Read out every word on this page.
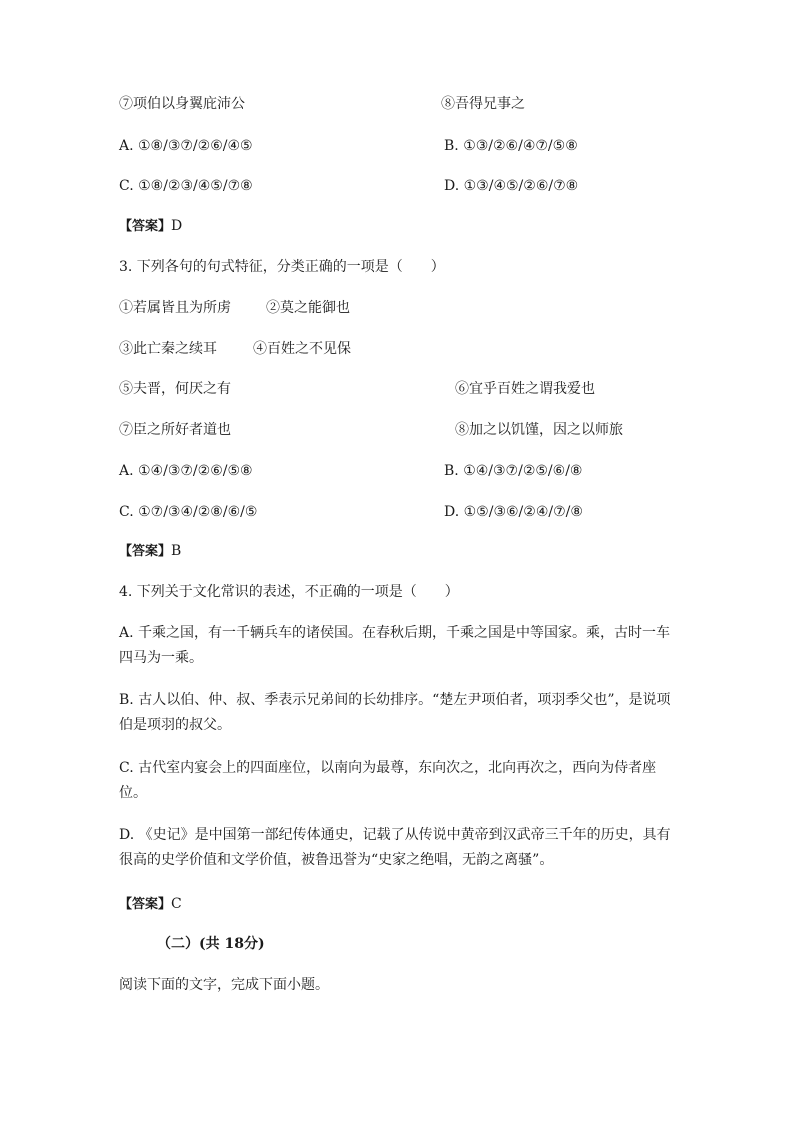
⑦项伯以身翼庇沛公	⑧吾得兄事之
A. ①⑧/③⑦/②⑥/④⑤	B. ①③/②⑥/④⑦/⑤⑧
C. ①⑧/②③/④⑤/⑦⑧	D. ①③/④⑤/②⑥/⑦⑧
【答案】D
3. 下列各句的句式特征，分类正确的一项是（　　）
①若属皆且为所虏	②莫之能御也
③此亡秦之续耳	④百姓之不见保
⑤夫晋，何厌之有	⑥宜乎百姓之谓我爱也
⑦臣之所好者道也	⑧加之以饥馑，因之以师旅
A. ①④/③⑦/②⑥/⑤⑧	B. ①④/③⑦/②⑤/⑥/⑧
C. ①⑦/③④/②⑧/⑥/⑤	D. ①⑤/③⑥/②④/⑦/⑧
【答案】B
4. 下列关于文化常识的表述，不正确的一项是（　　）
A. 千乘之国，有一千辆兵车的诸侯国。在春秋后期，千乘之国是中等国家。乘，古时一车四马为一乘。
B. 古人以伯、仲、叔、季表示兄弟间的长幼排序。“楚左尹项伯者，项羽季父也”，是说项伯是项羽的叔父。
C. 古代室内宴会上的四面座位，以南向为最尊，东向次之，北向再次之，西向为侍者座位。
D. 《史记》是中国第一部纪传体通史，记载了从传说中黄帝到汉武帝三千年的历史，具有很高的史学价值和文学价值，被鲁迅誉为“史家之绝唱，无韵之离骚”。
【答案】C
（二）(共 18分)
阅读下面的文字，完成下面小题。
